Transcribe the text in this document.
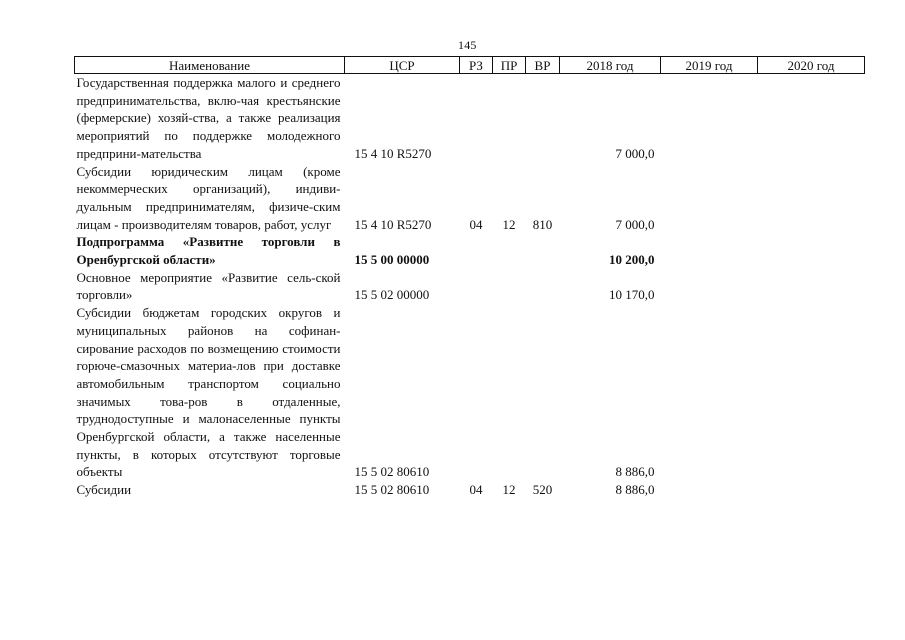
145
Наименование	ЦСР	РЗ	ПР	ВР	2018 год	2019 год	2020 год
Государственная поддержка малого и среднего предпринимательства, вклю-чая крестьянские (фермерские) хозяй-ства, а также реализация мероприятий по поддержке молодежного предприни-мательства	15 4 10 R5270				7 000,0		
Субсидии юридическим лицам (кроме некоммерческих организаций), индиви-дуальным предпринимателям, физиче-ским лицам - производителям товаров, работ, услуг	15 4 10 R5270	04	12	810	7 000,0		
Подпрограмма «Развитне торговли в Оренбургской области»	15 5 00 00000				10 200,0		
Основное мероприятие «Развитие сель-ской торговли»	15 5 02 00000				10 170,0		
Субсидии бюджетам городских округов и муниципальных районов на софинан-сирование расходов по возмещению стоимости горюче-смазочных материа-лов при доставке автомобильным транспортом социально значимых това-ров в отдаленные, труднодоступные и малонаселенные пункты Оренбургской области, а также населенные пункты, в которых отсутствуют торговые объекты	15 5 02 80610				8 886,0		
Субсидии	15 5 02 80610	04	12	520	8 886,0		
